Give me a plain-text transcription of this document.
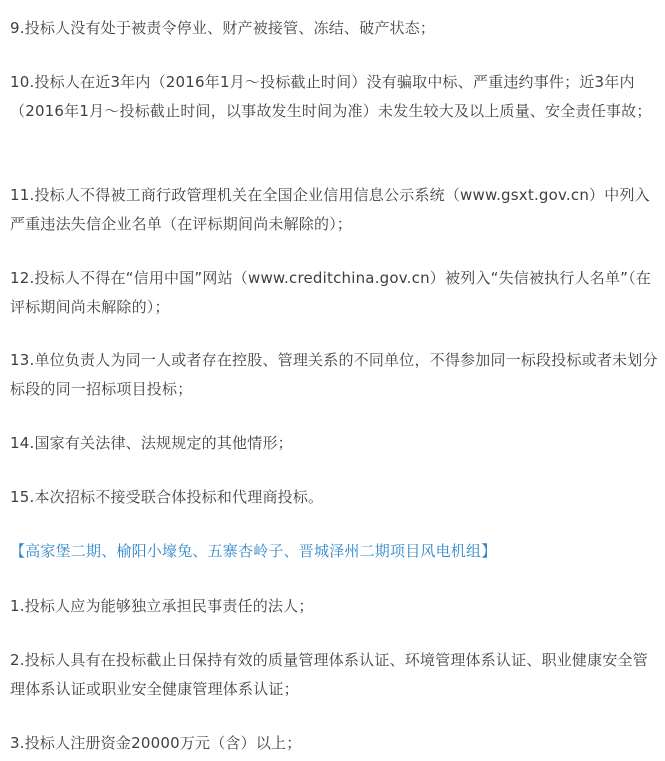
9.投标人没有处于被责令停业、财产被接管、冻结、破产状态；

10.投标人在近3年内（2016年1月～投标截止时间）没有骗取中标、严重违约事件；近3年内（2016年1月～投标截止时间，以事故发生时间为准）未发生较大及以上质量、安全责任事故；

11.投标人不得被工商行政管理机关在全国企业信用信息公示系统（www.gsxt.gov.cn）中列入严重违法失信企业名单（在评标期间尚未解除的）；

12.投标人不得在“信用中国”网站（www.creditchina.gov.cn）被列入“失信被执行人名单”（在评标期间尚未解除的）；

13.单位负责人为同一人或者存在控股、管理关系的不同单位，不得参加同一标段投标或者未划分标段的同一招标项目投标；

14.国家有关法律、法规规定的其他情形；

15.本次招标不接受联合体投标和代理商投标。

【高家堡二期、榆阳小壕兔、五寨杏岭子、晋城泽州二期项目风电机组】

1.投标人应为能够独立承担民事责任的法人；

2.投标人具有在投标截止日保持有效的质量管理体系认证、环境管理体系认证、职业健康安全管理体系认证或职业安全健康管理体系认证；

3.投标人注册资金20000万元（含）以上；
